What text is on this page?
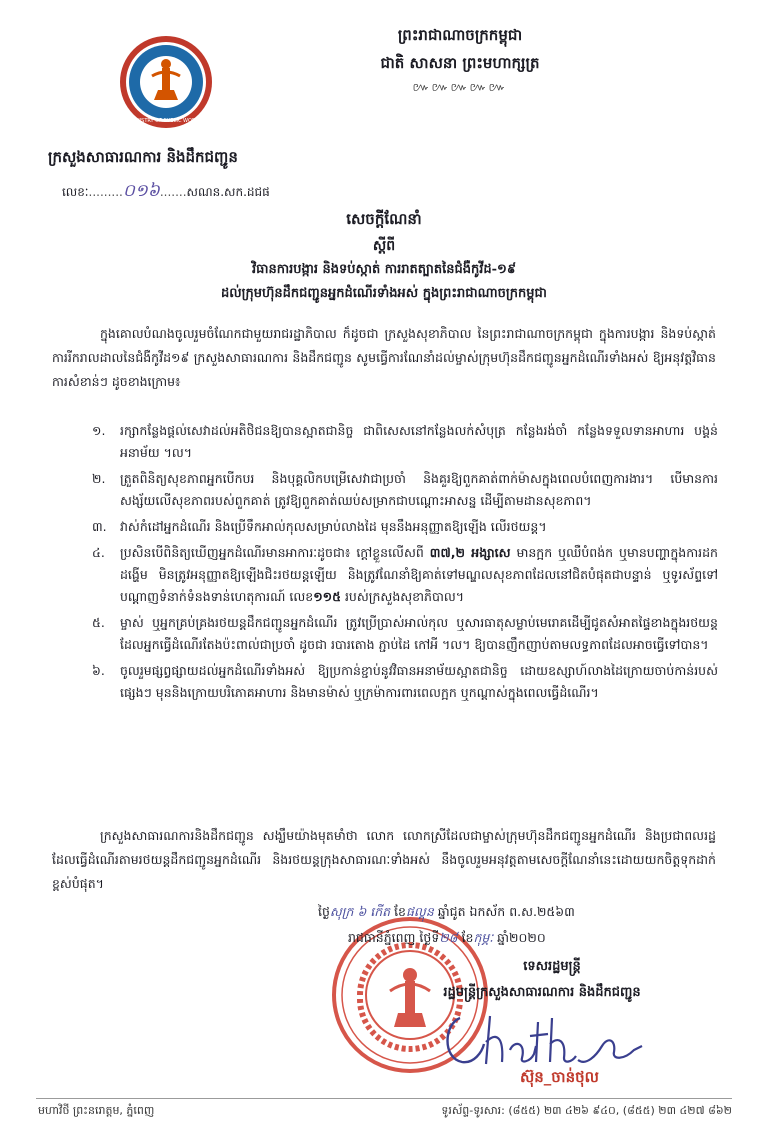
MINISTRY OF PUBLIC WORKS
ព្រះរាជាណាចក្រកម្ពុជា
ជាតិ សាសនា ព្រះមហាក្សត្រ
៚៚៚៚៚
ក្រសួងសាធារណការ និងដឹកជញ្ជូន
លេខៈ.........០១៦.......សណន.សក.ដជផ
សេចក្ដីណែនាំ
ស្ដីពី
វិធានការបង្ការ និងទប់ស្កាត់ ការរាតត្បាតនៃជំងឺកូវីដ-១៩
ដល់ក្រុមហ៊ុនដឹកជញ្ជូនអ្នកដំណើរទាំងអស់ ក្នុងព្រះរាជាណាចក្រកម្ពុជា
ក្នុងគោលបំណងចូលរួមចំណែកជាមួយរាជរដ្ឋាភិបាល ក៏ដូចជា ក្រសួងសុខាភិបាល នៃព្រះរាជាណាចក្រកម្ពុជា ក្នុងការបង្ការ និងទប់ស្កាត់ការរីករាលដាលនៃជំងឺកូវីដ១៩ ក្រសួងសាធារណការ និងដឹកជញ្ជូន សូមធ្វើការណែនាំដល់ម្ចាស់ក្រុមហ៊ុនដឹកជញ្ជូនអ្នកដំណើរទាំងអស់ ឱ្យអនុវត្តវិធានការសំខាន់ៗ ដូចខាងក្រោម៖
១.	រក្សាកន្លែងផ្ដល់សេវាដល់អតិថិជនឱ្យបានស្អាតជានិច្ច ជាពិសេសនៅកន្លែងលក់សំបុត្រ កន្លែងរង់ចាំ កន្លែងទទួលទានអាហារ បង្គន់អនាម័យ ។ល។
២.	ត្រួតពិនិត្យសុខភាពអ្នកបើកបរ និងបុគ្គលិកបម្រើសេវាជាប្រចាំ និងគួរឱ្យពួកគាត់ពាក់ម៉ាសក្នុងពេលបំពេញការងារ។ បើមានការសង្ស័យលើសុខភាពរបស់ពួកគាត់ ត្រូវឱ្យពួកគាត់ឈប់សម្រាកជាបណ្ដោះអាសន្ន ដើម្បីតាមដានសុខភាព។
៣.	វាស់កំដៅអ្នកដំណើរ និងប្រើទឹកអាល់កុលសម្រាប់លាងដៃ មុននឹងអនុញ្ញាតឱ្យឡើង លើរថយន្ត។
៤.	ប្រសិនបើពិនិត្យឃើញអ្នកដំណើរមានអាការៈដូចជា៖ ក្ដៅខ្លួនលើសពី ៣៧,២ អង្សាសេ មានក្អក ឬឈឺបំពង់ក ឬមានបញ្ហាក្នុងការដកដង្ហើម មិនត្រូវអនុញ្ញាតឱ្យឡើងជិះរថយន្តឡើយ និងត្រូវណែនាំឱ្យគាត់ទៅមណ្ឌលសុខភាពដែលនៅជិតបំផុតជាបន្ទាន់ ឬទូរស័ព្ទទៅបណ្ដាញទំនាក់ទំនងទាន់ហេតុការណ៍ លេខ១១៥ របស់ក្រសួងសុខាភិបាល។
៥.	ម្ចាស់ ឬអ្នកគ្រប់គ្រងរថយន្តដឹកជញ្ជូនអ្នកដំណើរ ត្រូវប្រើប្រាស់អាល់កុល ឬសារធាតុសម្លាប់មេរោគដើម្បីជូតសំអាតផ្ទៃខាងក្នុងរថយន្ត ដែលអ្នកធ្វើដំណើរតែងប៉ះពាល់ជាប្រចាំ ដូចជា របារតោង ភ្ជាប់ដៃ កៅអី ។ល។ ឱ្យបានញឹកញាប់តាមលទ្ធភាពដែលអាចធ្វើទៅបាន។
៦.	ចូលរួមផ្សព្វផ្សាយដល់អ្នកដំណើរទាំងអស់ ឱ្យប្រកាន់ខ្ជាប់នូវវិធានអនាម័យស្អាតជានិច្ច ដោយឧស្សាហ៍លាងដៃក្រោយចាប់កាន់របស់ផ្សេងៗ មុននិងក្រោយបរិភោគអាហារ និងមានម៉ាស់ ឬក្រម៉ាការពារពេលក្អក ឬកណ្ដាស់ក្នុងពេលធ្វើដំណើរ។
ក្រសួងសាធារណការនិងដឹកជញ្ជូន សង្ឃឹមយ៉ាងមុតមាំថា លោក លោកស្រីដែលជាម្ចាស់ក្រុមហ៊ុនដឹកជញ្ជូនអ្នកដំណើរ និងប្រជាពលរដ្ឋដែលធ្វើដំណើរតាមរថយន្តដឹកជញ្ជូនអ្នកដំណើរ និងរថយន្តក្រុងសាធារណៈទាំងអស់ នឹងចូលរួមអនុវត្តតាមសេចក្ដីណែនាំនេះដោយយកចិត្តទុកដាក់ខ្ពស់បំផុត។
ថ្ងៃសុក្រ ៦ កើត ខែផល្គុន ឆ្នាំជូត ឯកស័ក ព.ស.២៥៦៣
រាជធានីភ្នំពេញ ថ្ងៃទី២៨ ខែកុម្ភៈ ឆ្នាំ២០២០
ទេសរដ្ឋមន្ត្រី
រដ្ឋមន្ត្រីក្រសួងសាធារណការ និងដឹកជញ្ជូន
ស៊ុន_ចាន់ថុល
មហាវិថី ព្រះនរោត្តម, ភ្នំពេញ	ទូរស័ព្ទ-ទូរសារ: (៨៥៥) ២៣ ៤២៦ ៩៤០, (៨៥៥) ២៣ ៤២៧ ៨៦២
